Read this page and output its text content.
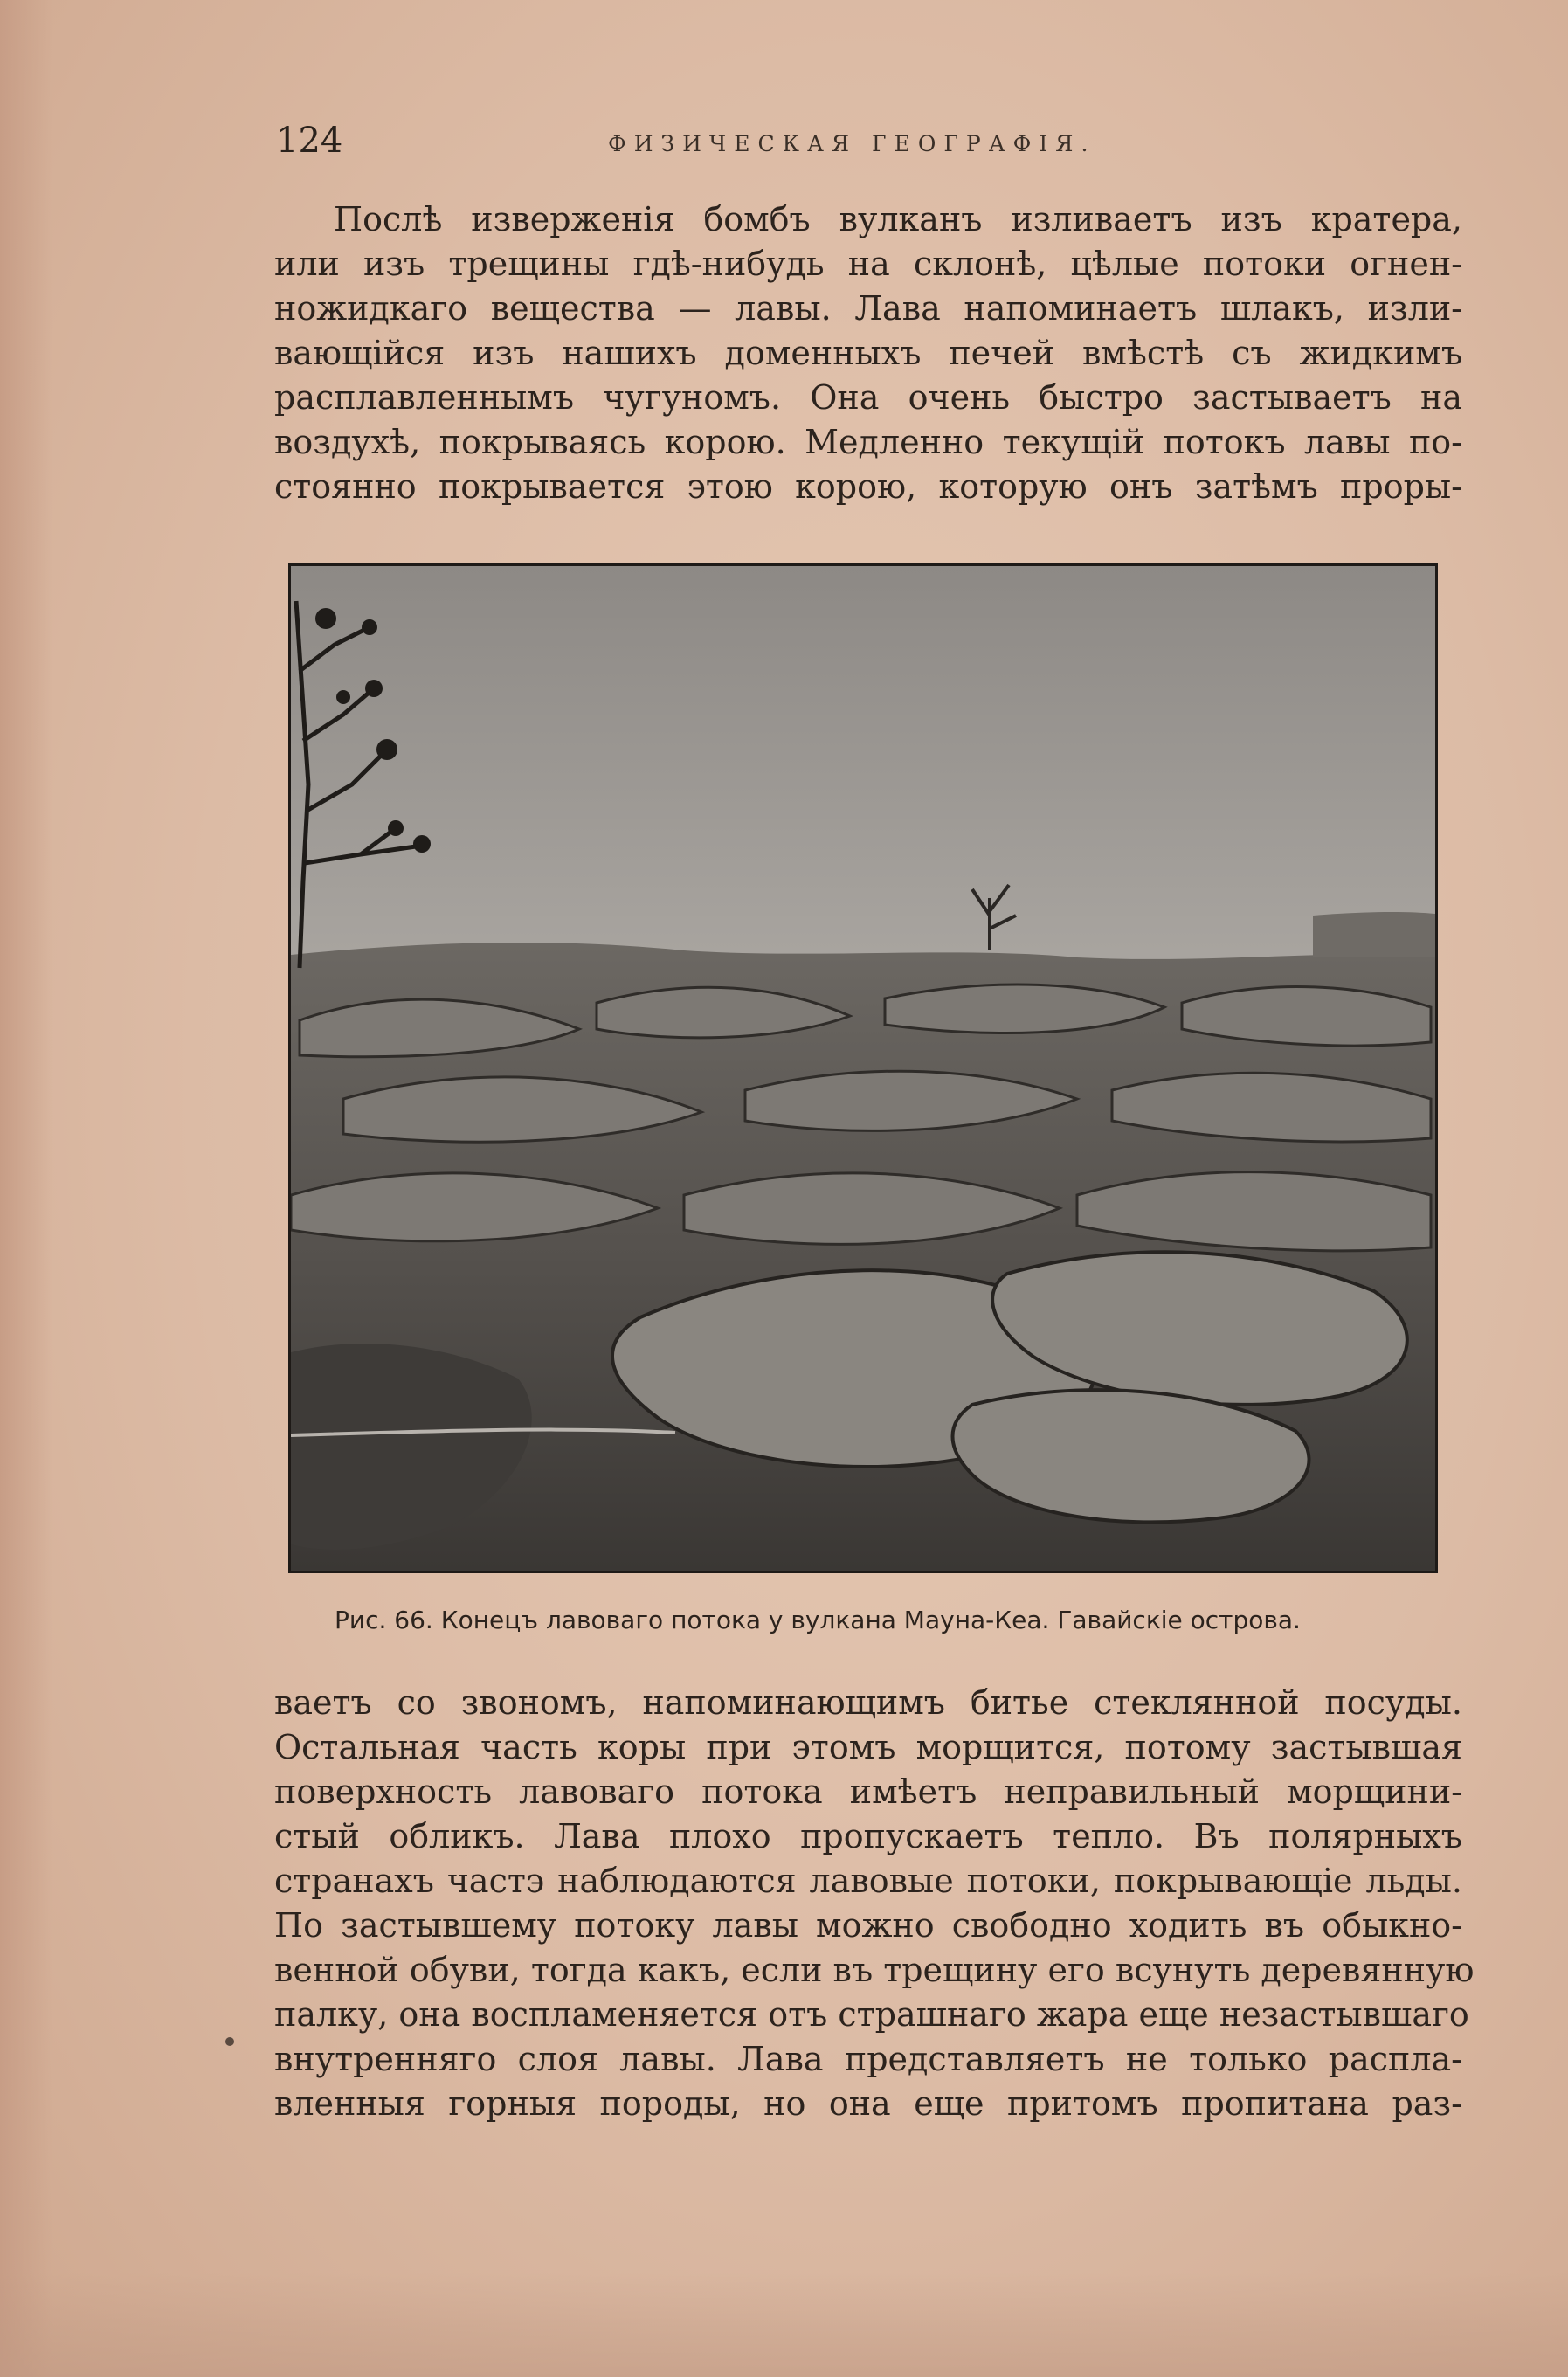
124	ФИЗИЧЕСКАЯ ГЕОГРАФІЯ.
Послѣ изверженія бомбъ вулканъ изливаетъ изъ кратера,
или изъ трещины гдѣ-нибудь на склонѣ, цѣлые потоки огнен-
ножидкаго вещества — лавы. Лава напоминаетъ шлакъ, изли-
вающійся изъ нашихъ доменныхъ печей вмѣстѣ съ жидкимъ
расплавленнымъ чугуномъ. Она очень быстро застываетъ на
воздухѣ, покрываясь корою. Медленно текущій потокъ лавы по-
стоянно покрывается этою корою, которую онъ затѣмъ проры-
Рис. 66. Конецъ лавоваго потока у вулкана Мауна-Кеа. Гавайскіе острова.
ваетъ со звономъ, напоминающимъ битье стеклянной посуды.
Остальная часть коры при этомъ морщится, потому застывшая
поверхность лавоваго потока имѣетъ неправильный морщини-
стый обликъ. Лава плохо пропускаетъ тепло. Въ полярныхъ
странахъ частэ наблюдаются лавовые потоки, покрывающіе льды.
По застывшему потоку лавы можно свободно ходить въ обыкно-
венной обуви, тогда какъ, если въ трещину его всунуть деревянную
палку, она воспламеняется отъ страшнаго жара еще незастывшаго
внутренняго слоя лавы. Лава представляетъ не только распла-
вленныя горныя породы, но она еще притомъ пропитана раз-
